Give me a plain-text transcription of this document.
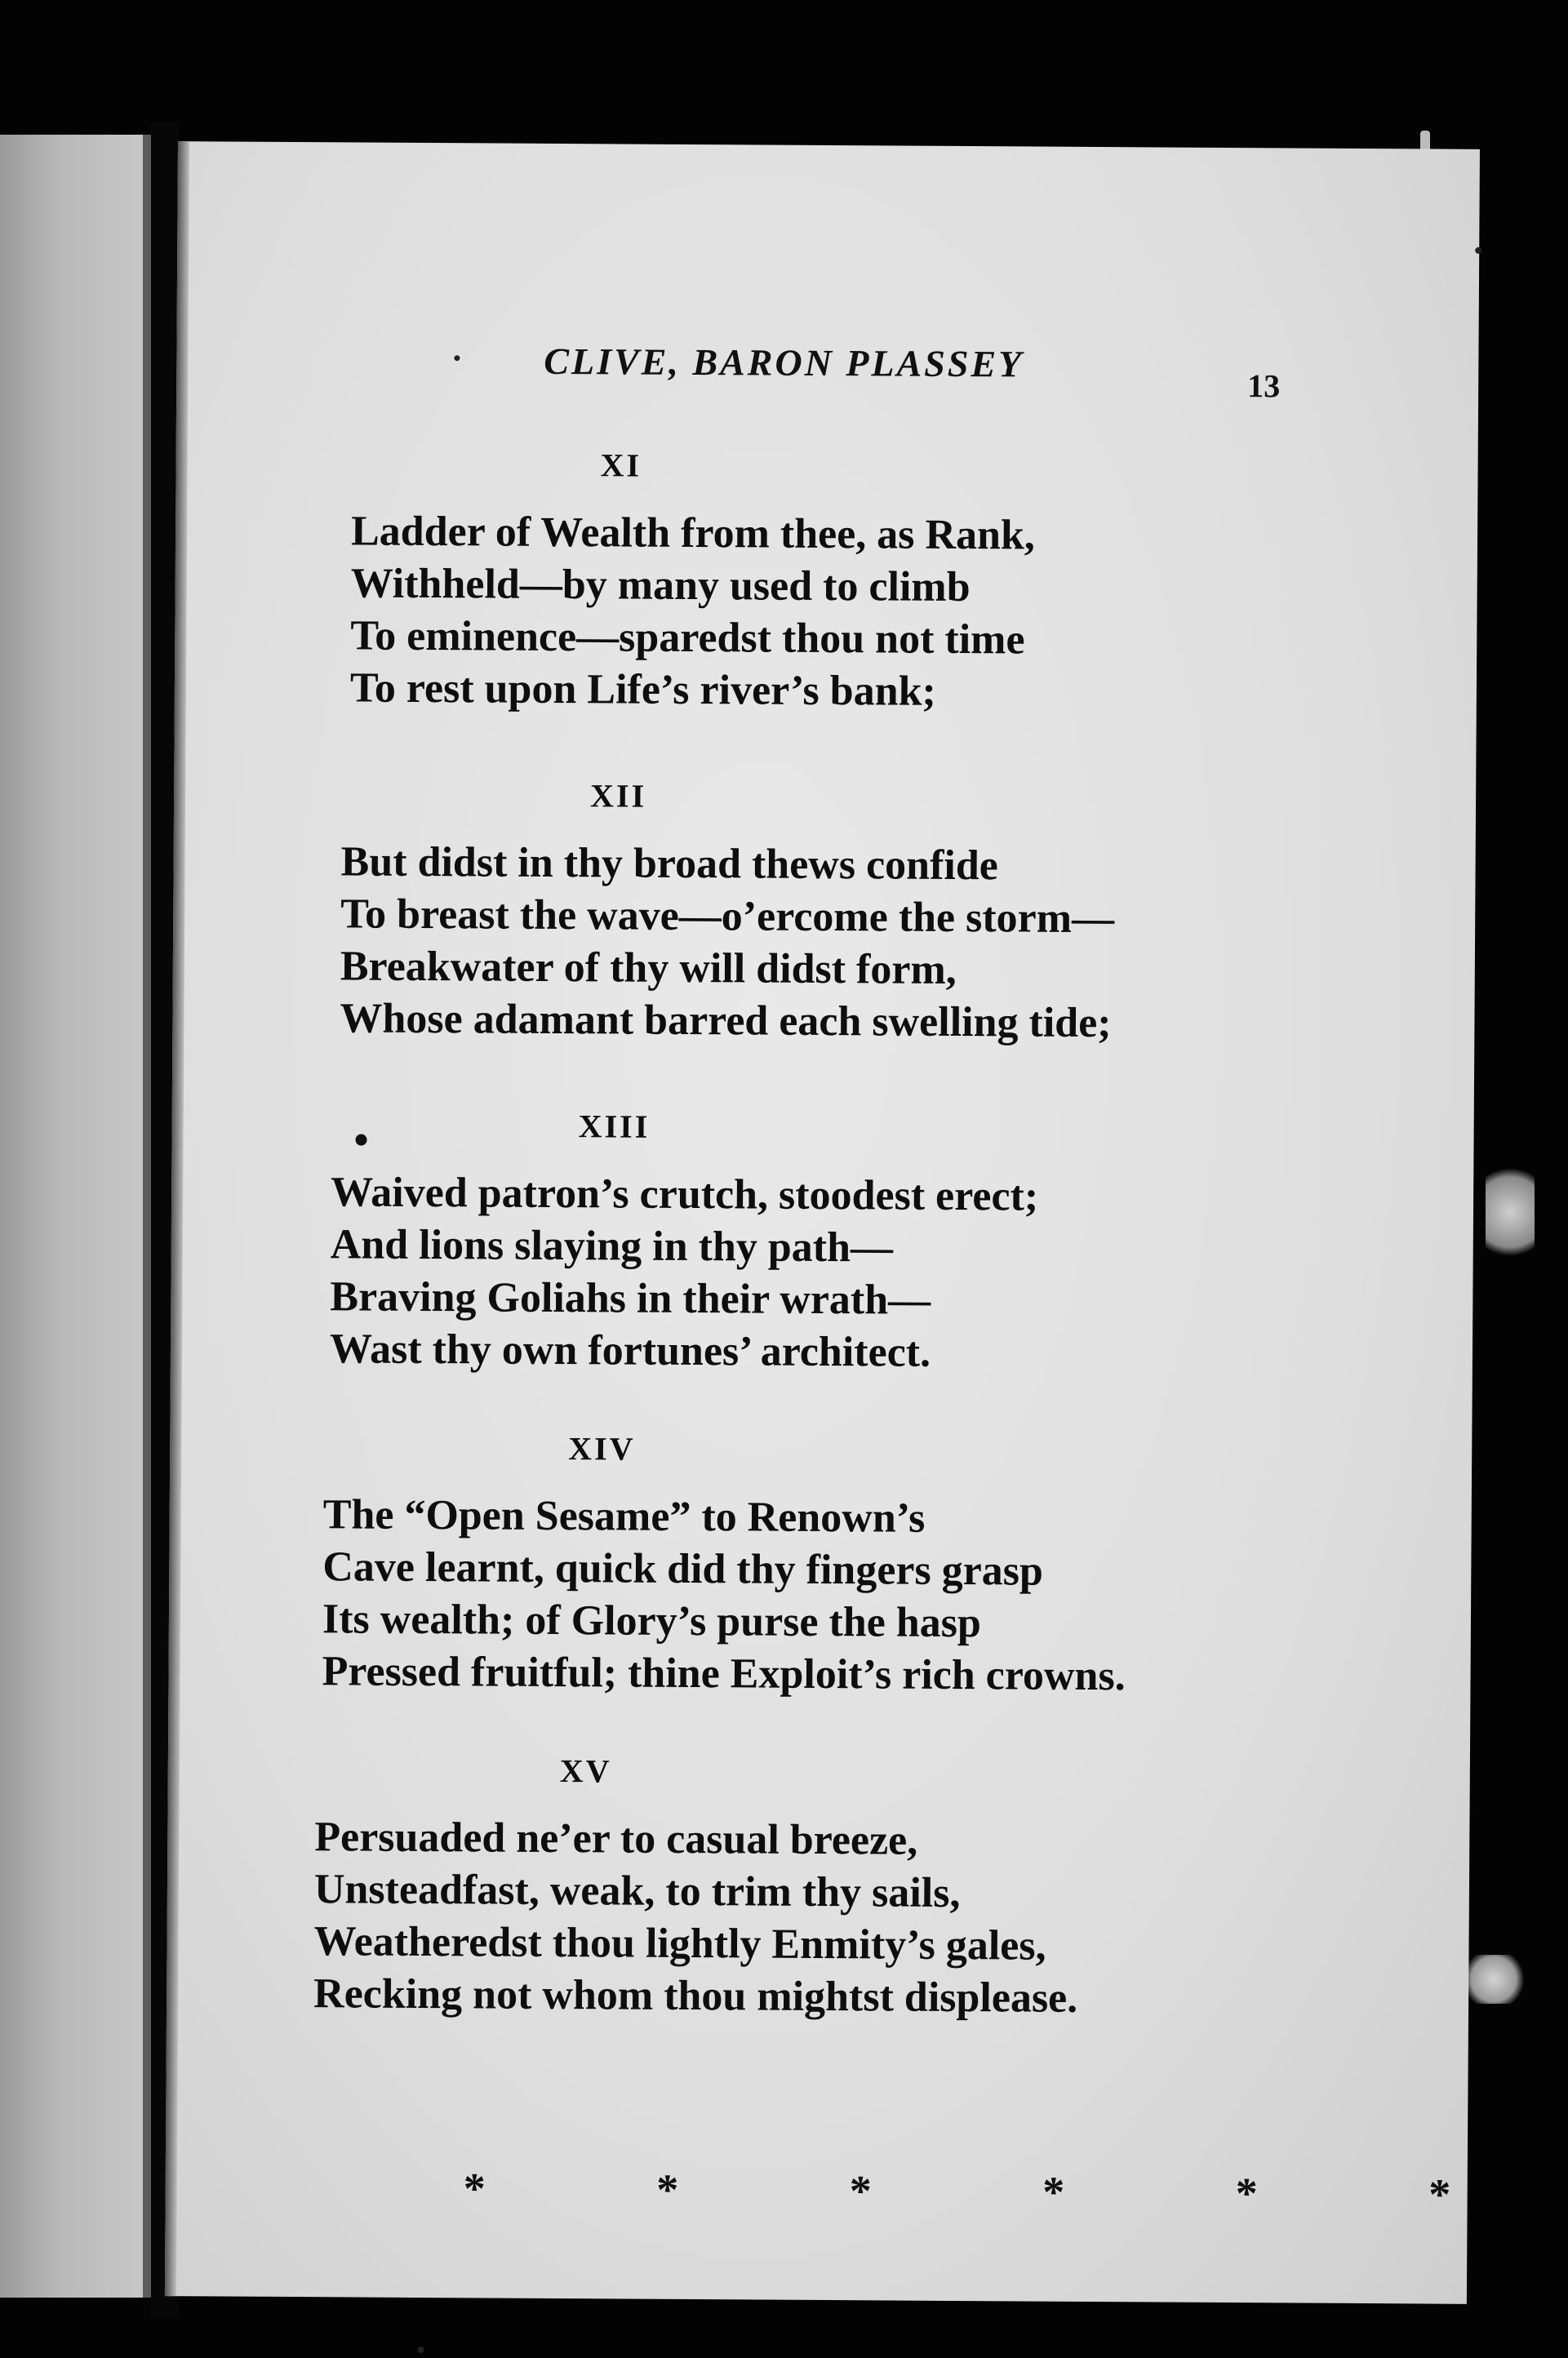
CLIVE, BARON PLASSEY
13
XI
Ladder of Wealth from thee, as Rank,
Withheld—by many used to climb
To eminence—sparedst thou not time
To rest upon Life’s river’s bank;
XII
But didst in thy broad thews confide
To breast the wave—o’ercome the storm—
Breakwater of thy will didst form,
Whose adamant barred each swelling tide;
XIII
Waived patron’s crutch, stoodest erect;
And lions slaying in thy path—
Braving Goliahs in their wrath—
Wast thy own fortunes’ architect.
XIV
The “Open Sesame” to Renown’s
Cave learnt, quick did thy fingers grasp
Its wealth; of Glory’s purse the hasp
Pressed fruitful; thine Exploit’s rich crowns.
XV
Persuaded ne’er to casual breeze,
Unsteadfast, weak, to trim thy sails,
Weatheredst thou lightly Enmity’s gales,
Recking not whom thou mightst displease.
* * * * * *
